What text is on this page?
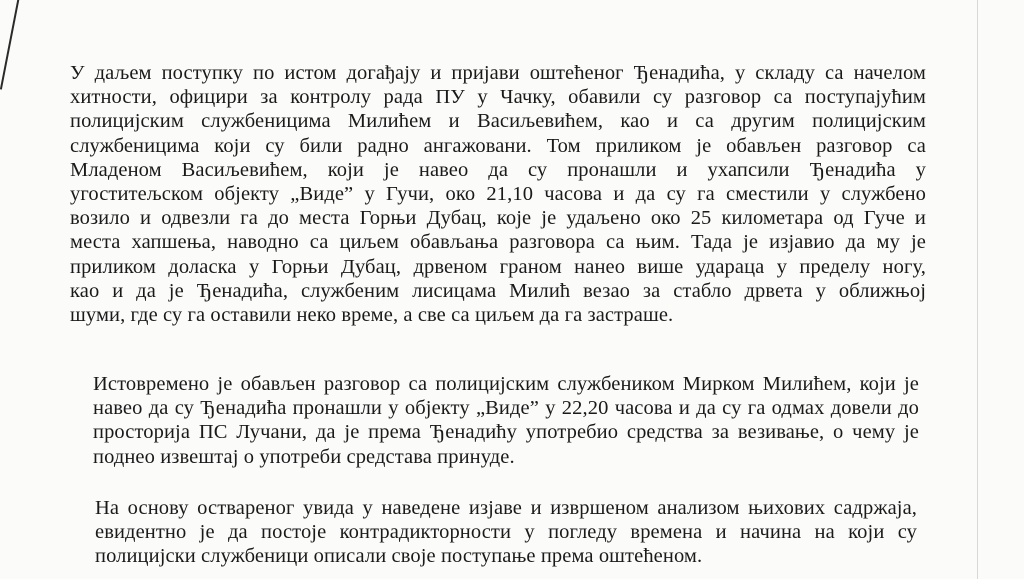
У даљем поступку по истом догађају и пријави оштећеног Ђенадића, у складу са начелом
хитности, официри за контролу рада ПУ у Чачку, обавили су разговор са поступајућим
полицијским службеницима Милићем и Васиљевићем, као и са другим полицијским
службеницима који су били радно ангажовани. Том приликом је обављен разговор са
Младеном Васиљевићем, који је навео да су пронашли и ухапсили Ђенадића у
угоститељском објекту „Виде” у Гучи, око 21,10 часова и да су га сместили у службено
возило и одвезли га до места Горњи Дубац, које је удаљено око 25 километара од Гуче и
места хапшења, наводно са циљем обављања разговора са њим. Тада је изјавио да му је
приликом доласка у Горњи Дубац, дрвеном граном нанео више удараца у пределу ногу,
као и да је Ђенадића, службеним лисицама Милић везао за стабло дрвета у оближњој
шуми, где су га оставили неко време, а све са циљем да га застраше.

Истовремено је обављен разговор са полицијским службеником Мирком Милићем, који је
навео да су Ђенадића пронашли у објекту „Виде” у 22,20 часова и да су га одмах довели до
просторија ПС Лучани, да је према Ђенадићу употребио средства за везивање, о чему је
поднео извештај о употреби средстава принуде.

На основу оствареног увида у наведене изјаве и извршеном анализом њихових садржаја,
евидентно је да постоје контрадикторности у погледу времена и начина на који су
полицијски службеници описали своје поступање према оштећеном.
